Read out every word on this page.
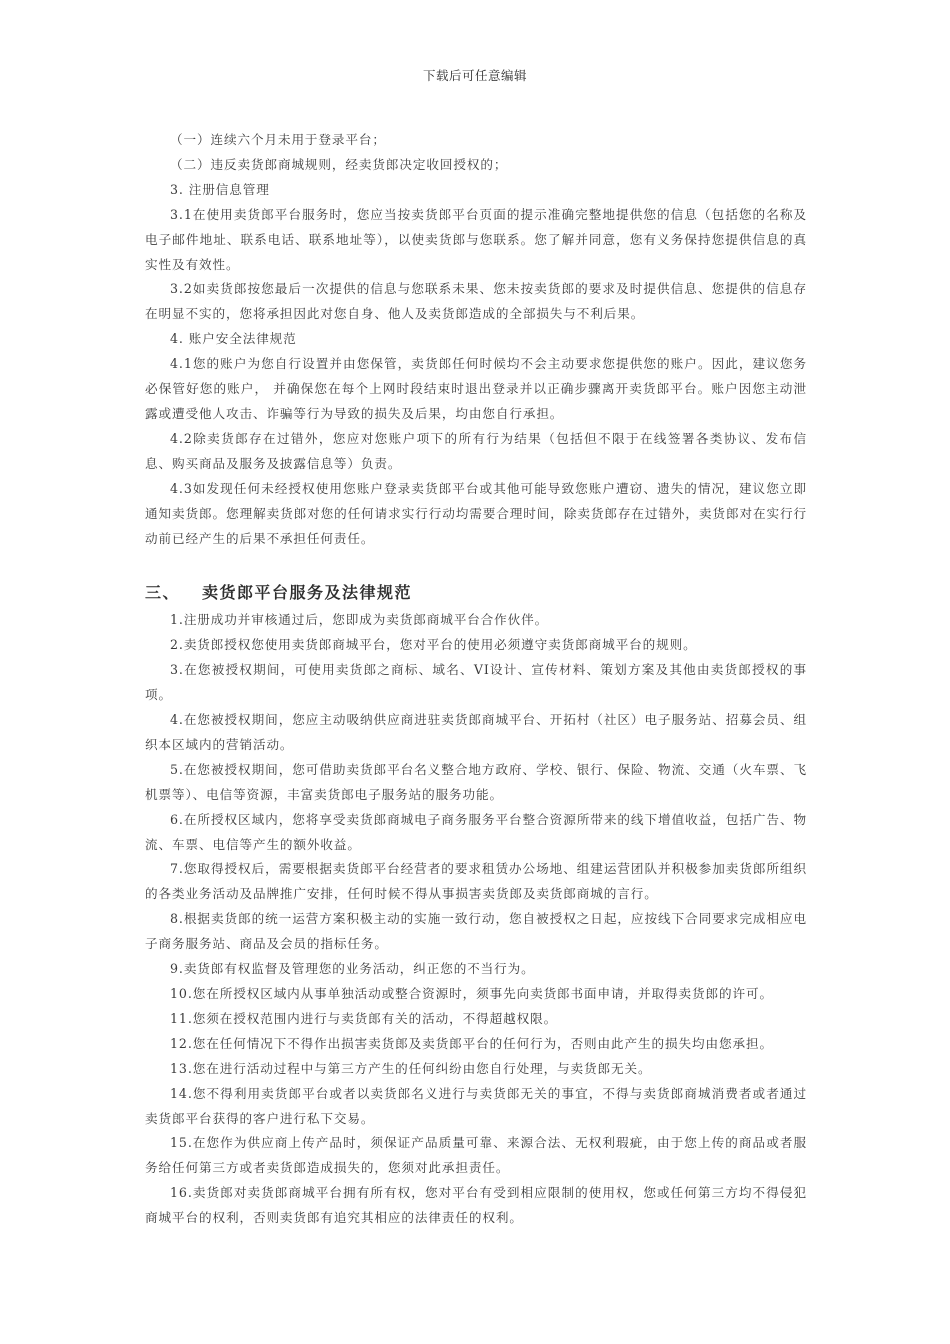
下载后可任意编辑

（一）连续六个月未用于登录平台；

（二）违反卖货郎商城规则，经卖货郎决定收回授权的；

3. 注册信息管理

3.1在使用卖货郎平台服务时，您应当按卖货郎平台页面的提示准确完整地提供您的信息（包括您的名称及电子邮件地址、联系电话、联系地址等），以使卖货郎与您联系。您了解并同意，您有义务保持您提供信息的真实性及有效性。

3.2如卖货郎按您最后一次提供的信息与您联系未果、您未按卖货郎的要求及时提供信息、您提供的信息存在明显不实的，您将承担因此对您自身、他人及卖货郎造成的全部损失与不利后果。

4. 账户安全法律规范

4.1您的账户为您自行设置并由您保管，卖货郎任何时候均不会主动要求您提供您的账户。因此，建议您务必保管好您的账户， 并确保您在每个上网时段结束时退出登录并以正确步骤离开卖货郎平台。账户因您主动泄露或遭受他人攻击、诈骗等行为导致的损失及后果，均由您自行承担。

4.2除卖货郎存在过错外，您应对您账户项下的所有行为结果（包括但不限于在线签署各类协议、发布信息、购买商品及服务及披露信息等）负责。

4.3如发现任何未经授权使用您账户登录卖货郎平台或其他可能导致您账户遭窃、遗失的情况，建议您立即通知卖货郎。您理解卖货郎对您的任何请求实行行动均需要合理时间，除卖货郎存在过错外，卖货郎对在实行行动前已经产生的后果不承担任何责任。

三、 卖货郎平台服务及法律规范

1.注册成功并审核通过后，您即成为卖货郎商城平台合作伙伴。

2.卖货郎授权您使用卖货郎商城平台，您对平台的使用必须遵守卖货郎商城平台的规则。

3.在您被授权期间，可使用卖货郎之商标、域名、VI设计、宣传材料、策划方案及其他由卖货郎授权的事项。

4.在您被授权期间，您应主动吸纳供应商进驻卖货郎商城平台、开拓村（社区）电子服务站、招募会员、组织本区域内的营销活动。

5.在您被授权期间，您可借助卖货郎平台名义整合地方政府、学校、银行、保险、物流、交通（火车票、飞机票等）、电信等资源，丰富卖货郎电子服务站的服务功能。

6.在所授权区域内，您将享受卖货郎商城电子商务服务平台整合资源所带来的线下增值收益，包括广告、物流、车票、电信等产生的额外收益。

7.您取得授权后，需要根据卖货郎平台经营者的要求租赁办公场地、组建运营团队并积极参加卖货郎所组织的各类业务活动及品牌推广安排，任何时候不得从事损害卖货郎及卖货郎商城的言行。

8.根据卖货郎的统一运营方案积极主动的实施一致行动，您自被授权之日起，应按线下合同要求完成相应电子商务服务站、商品及会员的指标任务。

9.卖货郎有权监督及管理您的业务活动，纠正您的不当行为。

10.您在所授权区域内从事单独活动或整合资源时，须事先向卖货郎书面申请，并取得卖货郎的许可。

11.您须在授权范围内进行与卖货郎有关的活动，不得超越权限。

12.您在任何情况下不得作出损害卖货郎及卖货郎平台的任何行为，否则由此产生的损失均由您承担。

13.您在进行活动过程中与第三方产生的任何纠纷由您自行处理，与卖货郎无关。

14.您不得利用卖货郎平台或者以卖货郎名义进行与卖货郎无关的事宜，不得与卖货郎商城消费者或者通过卖货郎平台获得的客户进行私下交易。

15.在您作为供应商上传产品时，须保证产品质量可靠、来源合法、无权利瑕疵，由于您上传的商品或者服务给任何第三方或者卖货郎造成损失的，您须对此承担责任。

16.卖货郎对卖货郎商城平台拥有所有权，您对平台有受到相应限制的使用权，您或任何第三方均不得侵犯商城平台的权利，否则卖货郎有追究其相应的法律责任的权利。
